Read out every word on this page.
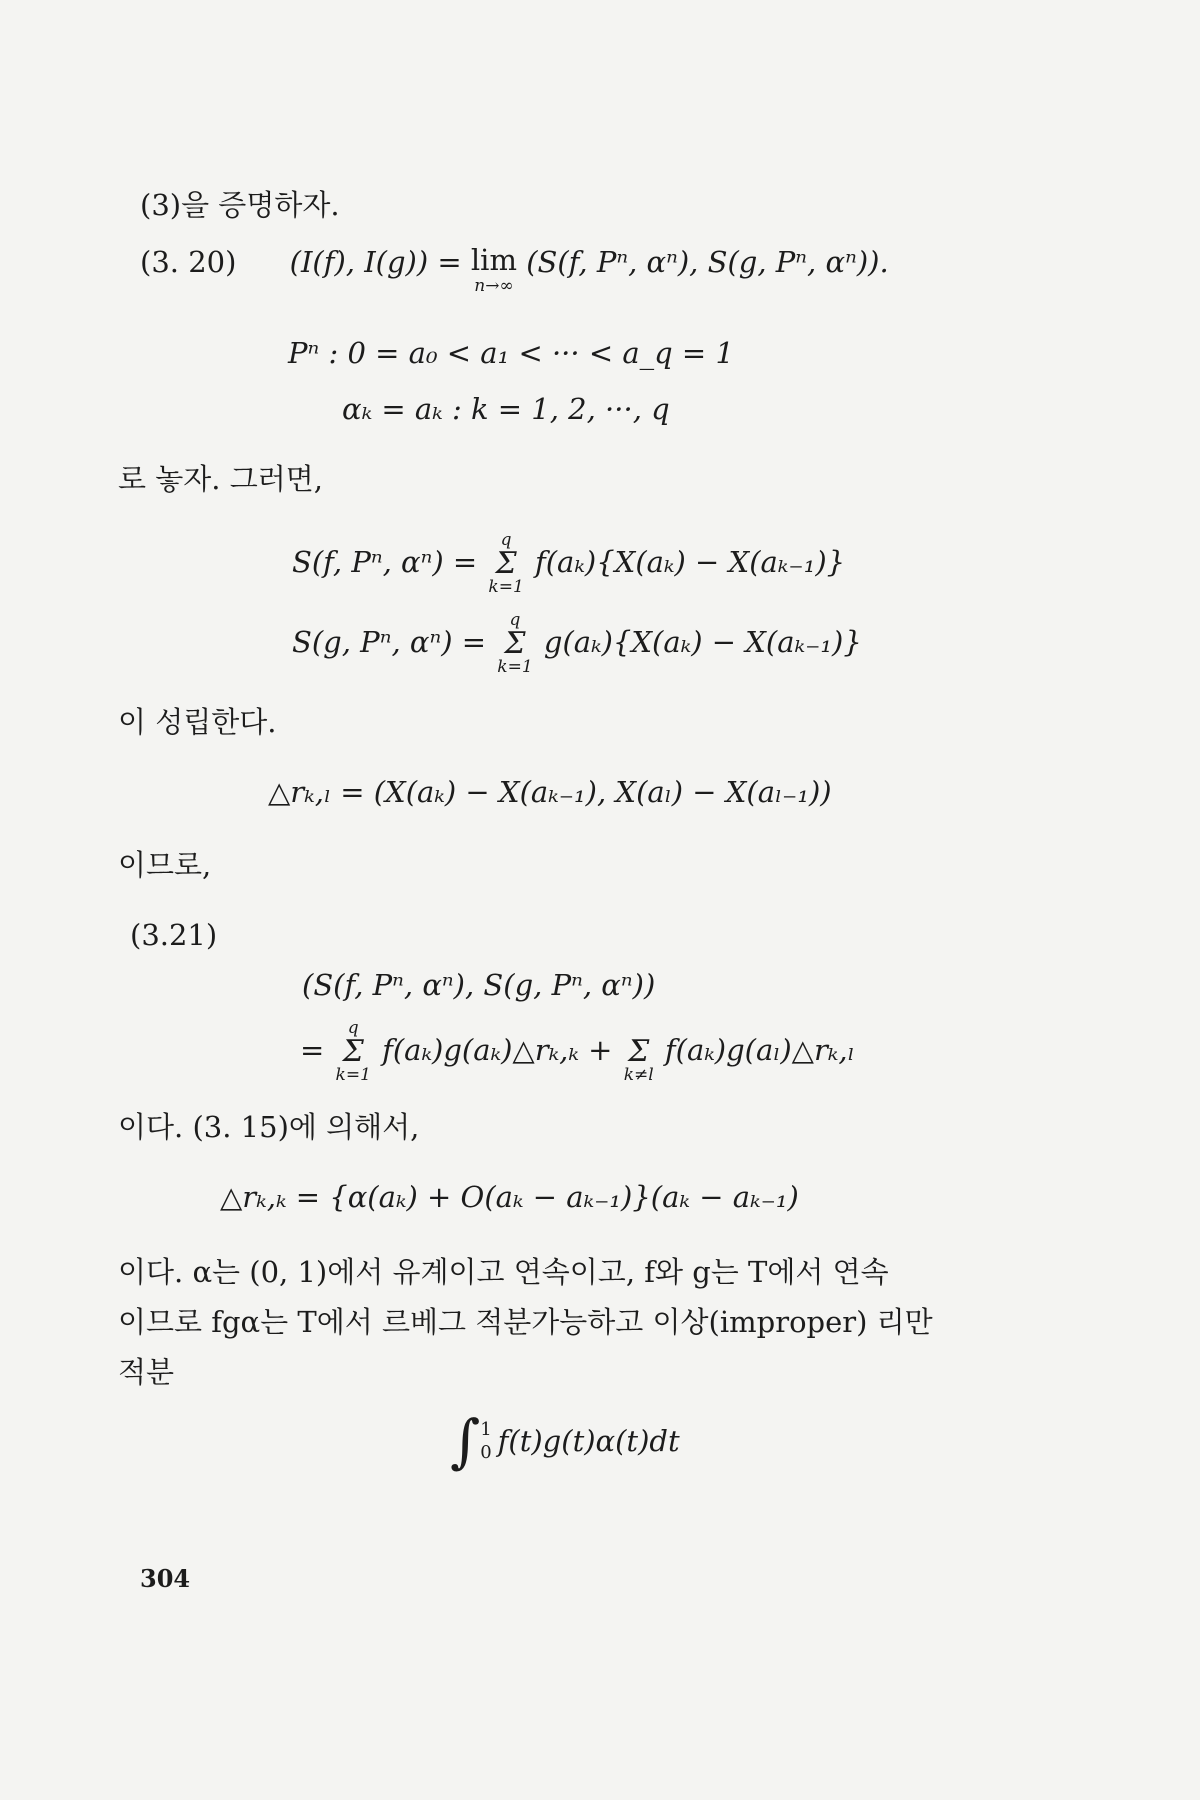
(3)을 증명하자.
(3. 20) (I(f), I(g)) = lim
n→∞
(S(f, Pⁿ, αⁿ), S(g, Pⁿ, αⁿ)).
Pⁿ : 0 = a₀ < a₁ < ··· < a_q = 1
αₖ = aₖ : k = 1, 2, ···, q
로 놓자. 그러면,
S(f, Pⁿ, αⁿ) =
q
Σ
k=1
f(aₖ){X(aₖ) − X(aₖ₋₁)}
S(g, Pⁿ, αⁿ) =
q
Σ
k=1
g(aₖ){X(aₖ) − X(aₖ₋₁)}
이 성립한다.
△rₖ,ₗ = (X(aₖ) − X(aₖ₋₁), X(aₗ) − X(aₗ₋₁))
이므로,
(3.21)
(S(f, Pⁿ, αⁿ), S(g, Pⁿ, αⁿ))
=
q
Σ
k=1
f(aₖ)g(aₖ)△rₖ,ₖ +
Σ
k≠l
f(aₖ)g(aₗ)△rₖ,ₗ
이다. (3. 15)에 의해서,
△rₖ,ₖ = {α(aₖ) + O(aₖ − aₖ₋₁)}(aₖ − aₖ₋₁)
이다. α는 (0, 1)에서 유계이고 연속이고, f와 g는 T에서 연속
이므로 fgα는 T에서 르베그 적분가능하고 이상(improper) 리만
적분
∫ 1
0 f(t)g(t)α(t)dt
304
